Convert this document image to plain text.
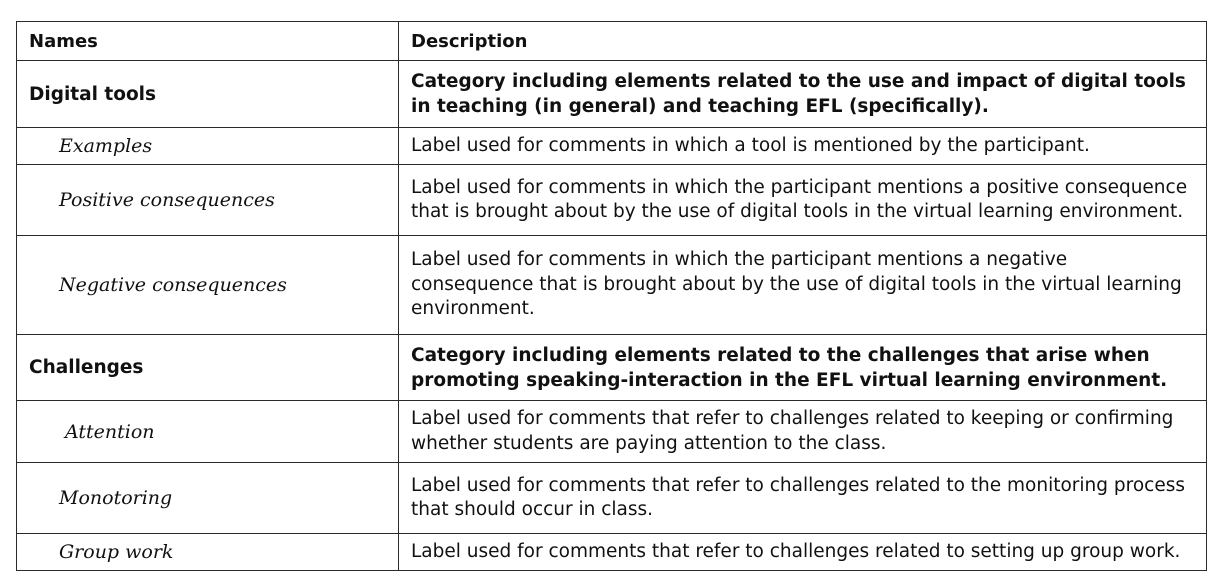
Names	Description
Digital tools	Category including elements related to the use and impact of digital tools in teaching (in general) and teaching EFL (specifically).
Examples	Label used for comments in which a tool is mentioned by the participant.
Positive consequences	Label used for comments in which the participant mentions a positive consequence that is brought about by the use of digital tools in the virtual learning environment.
Negative consequences	Label used for comments in which the participant mentions a negative consequence that is brought about by the use of digital tools in the virtual learning environment.
Challenges	Category including elements related to the challenges that arise when promoting speaking-interaction in the EFL virtual learning environment.
Attention	Label used for comments that refer to challenges related to keeping or confirming whether students are paying attention to the class.
Monotoring	Label used for comments that refer to challenges related to the monitoring process that should occur in class.
Group work	Label used for comments that refer to challenges related to setting up group work.
